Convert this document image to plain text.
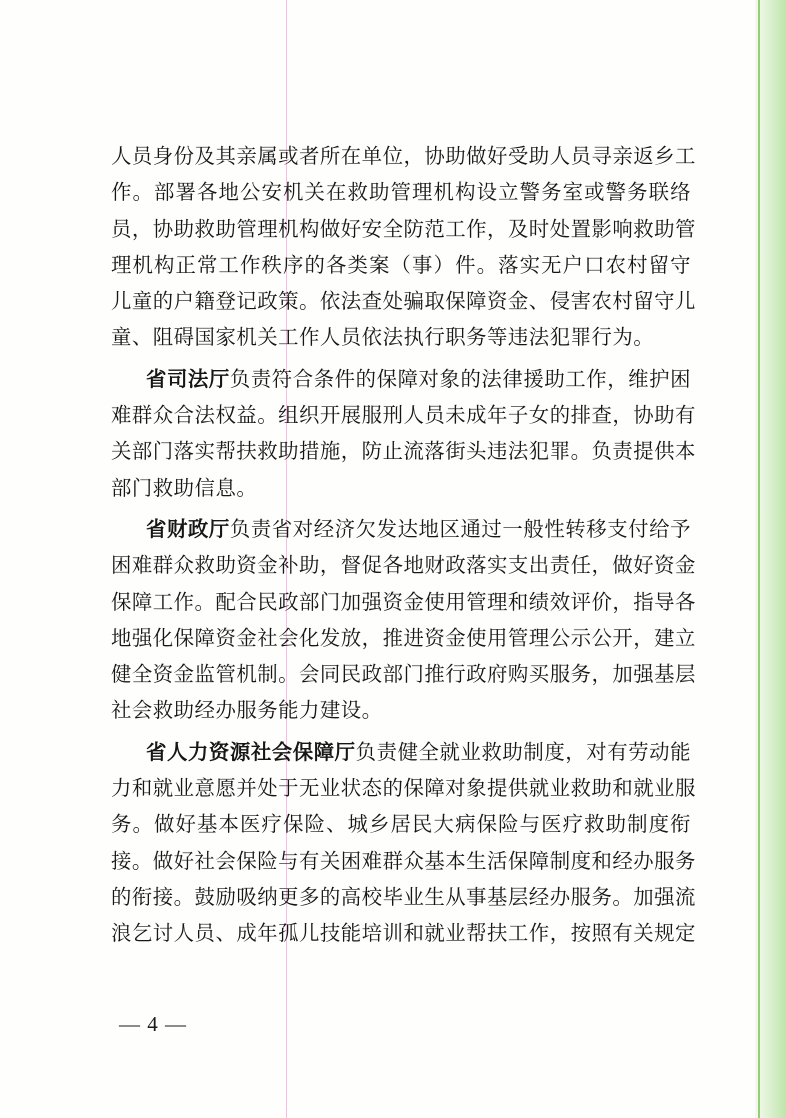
人员身份及其亲属或者所在单位，协助做好受助人员寻亲返乡工
作。部署各地公安机关在救助管理机构设立警务室或警务联络
员，协助救助管理机构做好安全防范工作，及时处置影响救助管
理机构正常工作秩序的各类案（事）件。落实无户口农村留守
儿童的户籍登记政策。依法查处骗取保障资金、侵害农村留守儿
童、阻碍国家机关工作人员依法执行职务等违法犯罪行为。
省司法厅负责符合条件的保障对象的法律援助工作，维护困
难群众合法权益。组织开展服刑人员未成年子女的排查，协助有
关部门落实帮扶救助措施，防止流落街头违法犯罪。负责提供本
部门救助信息。
省财政厅负责省对经济欠发达地区通过一般性转移支付给予
困难群众救助资金补助，督促各地财政落实支出责任，做好资金
保障工作。配合民政部门加强资金使用管理和绩效评价，指导各
地强化保障资金社会化发放，推进资金使用管理公示公开，建立
健全资金监管机制。会同民政部门推行政府购买服务，加强基层
社会救助经办服务能力建设。
省人力资源社会保障厅负责健全就业救助制度，对有劳动能
力和就业意愿并处于无业状态的保障对象提供就业救助和就业服
务。做好基本医疗保险、城乡居民大病保险与医疗救助制度衔
接。做好社会保险与有关困难群众基本生活保障制度和经办服务
的衔接。鼓励吸纳更多的高校毕业生从事基层经办服务。加强流
浪乞讨人员、成年孤儿技能培训和就业帮扶工作，按照有关规定
— 4 —
